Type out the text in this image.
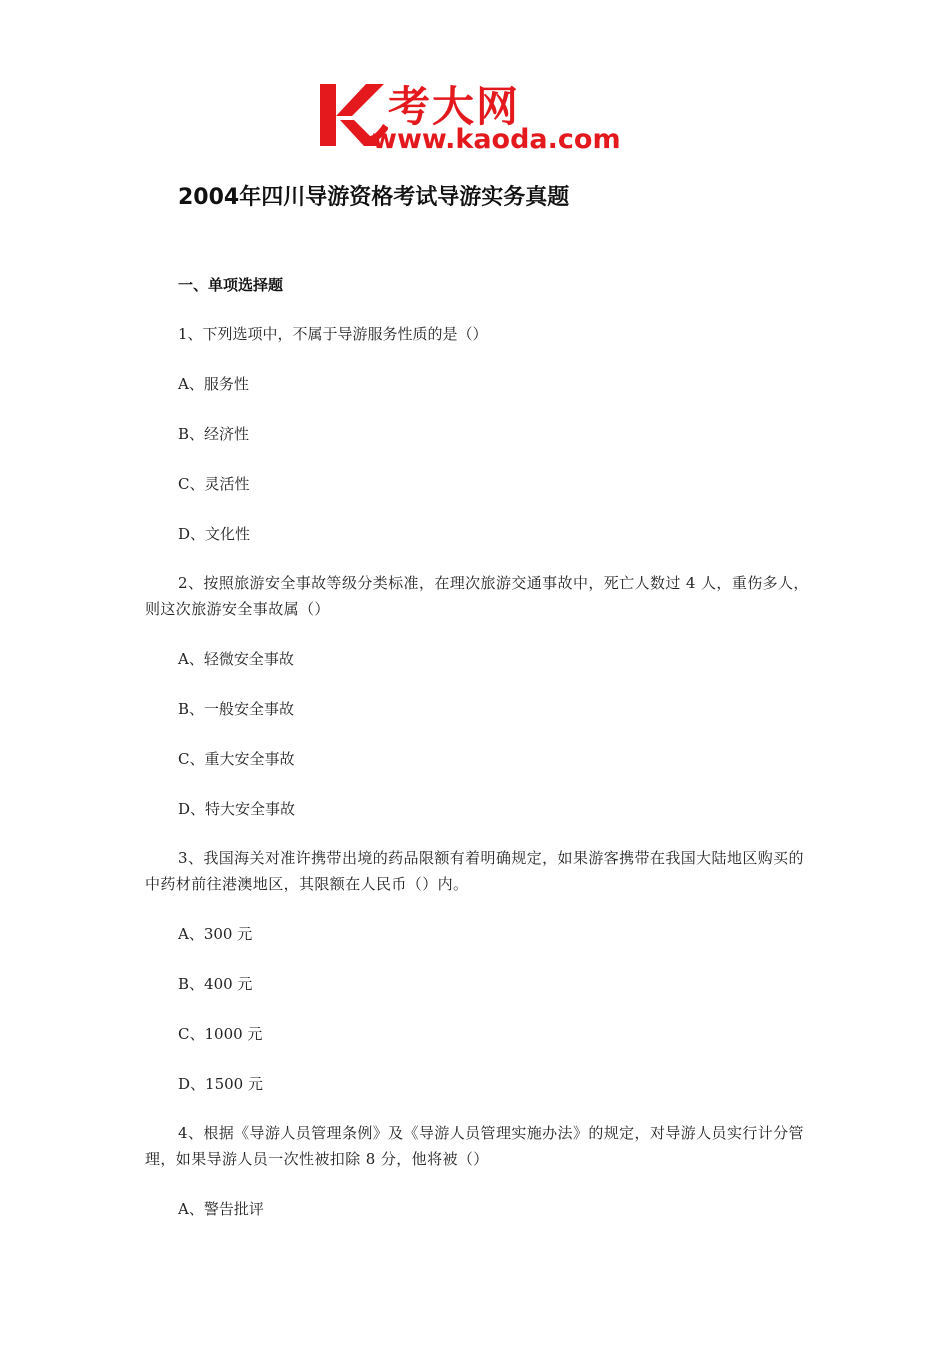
考大网
www.kaoda.com
2004年四川导游资格考试导游实务真题
一、单项选择题
1、下列选项中，不属于导游服务性质的是（）
A、服务性
B、经济性
C、灵活性
D、文化性
2、按照旅游安全事故等级分类标准，在理次旅游交通事故中，死亡人数过 4 人，重伤多人，则这次旅游安全事故属（）
A、轻微安全事故
B、一般安全事故
C、重大安全事故
D、特大安全事故
3、我国海关对准许携带出境的药品限额有着明确规定，如果游客携带在我国大陆地区购买的中药材前往港澳地区，其限额在人民币（）内。
A、300 元
B、400 元
C、1000 元
D、1500 元
4、根据《导游人员管理条例》及《导游人员管理实施办法》的规定，对导游人员实行计分管理，如果导游人员一次性被扣除 8 分，他将被（）
A、警告批评
